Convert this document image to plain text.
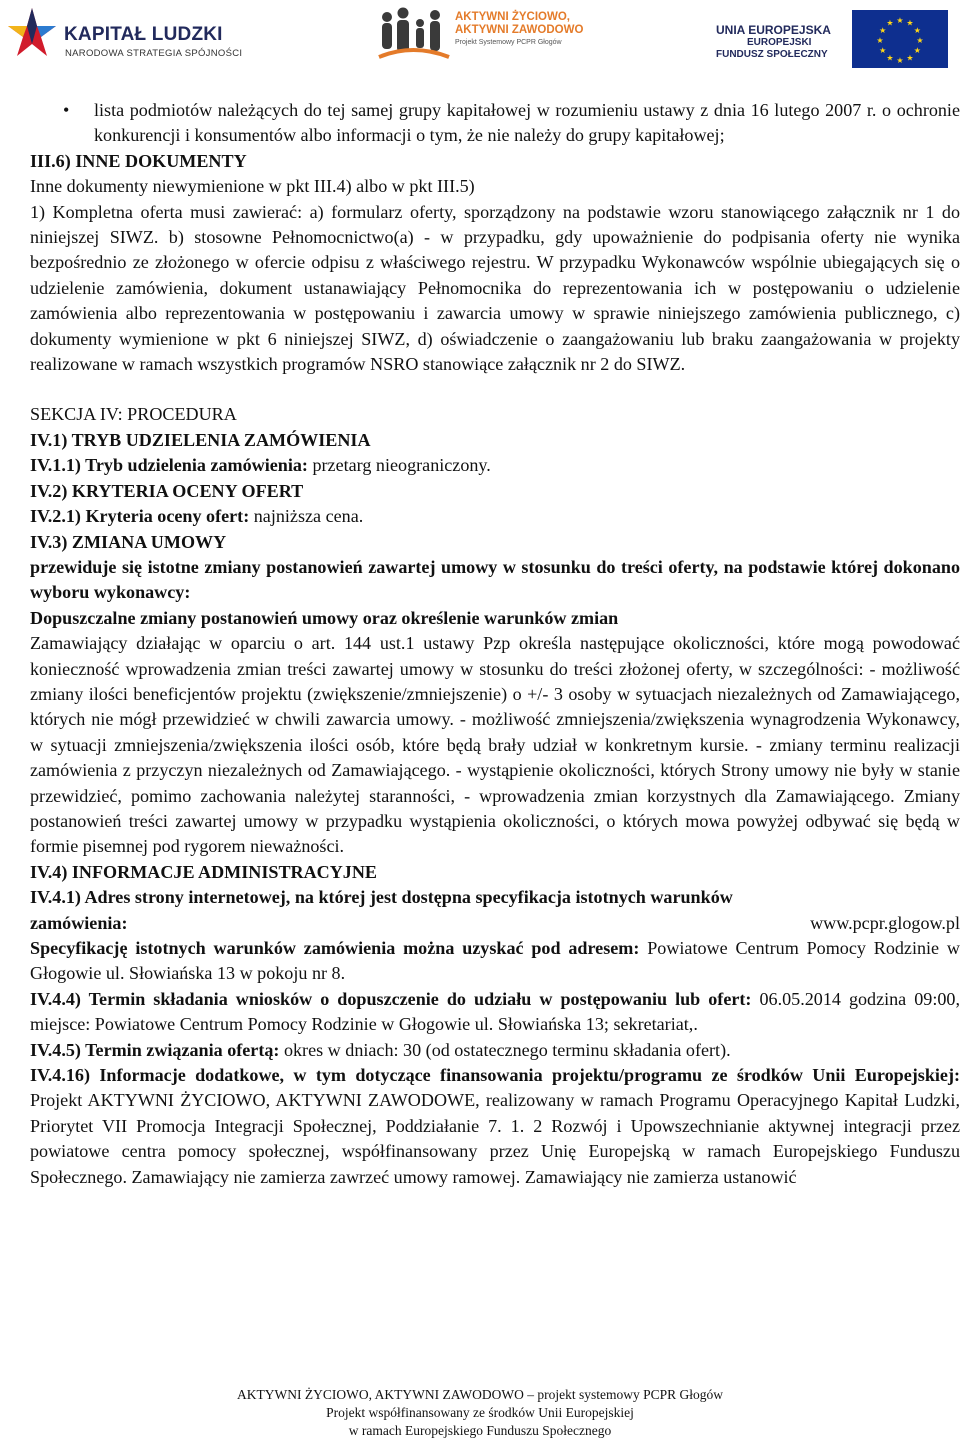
KAPITAŁ LUDZKI
NARODOWA STRATEGIA SPÓJNOŚCI
AKTYWNI ŻYCIOWO,
AKTYWNI ZAWODOWO
Projekt Systemowy PCPR Głogów
UNIA EUROPEJSKA
EUROPEJSKI
FUNDUSZ SPOŁECZNY
★ ★
★
★
★
★
★
★
★
★
★
★

• lista podmiotów należących do tej samej grupy kapitałowej w rozumieniu ustawy z dnia 16 lutego 2007 r. o ochronie konkurencji i konsumentów albo informacji o tym, że nie należy do grupy kapitałowej;

III.6) INNE DOKUMENTY

Inne dokumenty niewymienione w pkt III.4) albo w pkt III.5)

1) Kompletna oferta musi zawierać: a) formularz oferty, sporządzony na podstawie wzoru stanowiącego załącznik nr 1 do niniejszej SIWZ. b) stosowne Pełnomocnictwo(a) - w przypadku, gdy upoważnienie do podpisania oferty nie wynika bezpośrednio ze złożonego w ofercie odpisu z właściwego rejestru. W przypadku Wykonawców wspólnie ubiegających się o udzielenie zamówienia, dokument ustanawiający Pełnomocnika do reprezentowania ich w postępowaniu o udzielenie zamówienia albo reprezentowania w postępowaniu i zawarcia umowy w sprawie niniejszego zamówienia publicznego, c) dokumenty wymienione w pkt 6 niniejszej SIWZ, d) oświadczenie o zaangażowaniu lub braku zaangażowania w projekty realizowane w ramach wszystkich programów NSRO stanowiące załącznik nr 2 do SIWZ.

SEKCJA IV: PROCEDURA

IV.1) TRYB UDZIELENIA ZAMÓWIENIA

IV.1.1) Tryb udzielenia zamówienia: przetarg nieograniczony.

IV.2) KRYTERIA OCENY OFERT

IV.2.1) Kryteria oceny ofert: najniższa cena.

IV.3) ZMIANA UMOWY

przewiduje się istotne zmiany postanowień zawartej umowy w stosunku do treści oferty, na podstawie której dokonano wyboru wykonawcy:

Dopuszczalne zmiany postanowień umowy oraz określenie warunków zmian

Zamawiający działając w oparciu o art. 144 ust.1 ustawy Pzp określa następujące okoliczności, które mogą powodować konieczność wprowadzenia zmian treści zawartej umowy w stosunku do treści złożonej oferty, w szczególności: - możliwość zmiany ilości beneficjentów projektu (zwiększenie/zmniejszenie) o +/- 3 osoby w sytuacjach niezależnych od Zamawiającego, których nie mógł przewidzieć w chwili zawarcia umowy. - możliwość zmniejszenia/zwiększenia wynagrodzenia Wykonawcy, w sytuacji zmniejszenia/zwiększenia ilości osób, które będą brały udział w konkretnym kursie. - zmiany terminu realizacji zamówienia z przyczyn niezależnych od Zamawiającego. - wystąpienie okoliczności, których Strony umowy nie były w stanie przewidzieć, pomimo zachowania należytej staranności, - wprowadzenia zmian korzystnych dla Zamawiającego. Zmiany postanowień treści zawartej umowy w przypadku wystąpienia okoliczności, o których mowa powyżej odbywać się będą w formie pisemnej pod rygorem nieważności.

IV.4) INFORMACJE ADMINISTRACYJNE

IV.4.1) Adres strony internetowej, na której jest dostępna specyfikacja istotnych warunków

zamówienia:	www.pcpr.glogow.pl

Specyfikację istotnych warunków zamówienia można uzyskać pod adresem: Powiatowe Centrum Pomocy Rodzinie w Głogowie ul. Słowiańska 13 w pokoju nr 8.

IV.4.4) Termin składania wniosków o dopuszczenie do udziału w postępowaniu lub ofert: 06.05.2014 godzina 09:00, miejsce: Powiatowe Centrum Pomocy Rodzinie w Głogowie ul. Słowiańska 13; sekretariat,.

IV.4.5) Termin związania ofertą: okres w dniach: 30 (od ostatecznego terminu składania ofert).

IV.4.16) Informacje dodatkowe, w tym dotyczące finansowania projektu/programu ze środków Unii Europejskiej: Projekt AKTYWNI ŻYCIOWO, AKTYWNI ZAWODOWE, realizowany w ramach Programu Operacyjnego Kapitał Ludzki, Priorytet VII Promocja Integracji Społecznej, Poddziałanie 7. 1. 2 Rozwój i Upowszechnianie aktywnej integracji przez powiatowe centra pomocy społecznej, współfinansowany przez Unię Europejską w ramach Europejskiego Funduszu Społecznego. Zamawiający nie zamierza zawrzeć umowy ramowej. Zamawiający nie zamierza ustanowić

AKTYWNI ŻYCIOWO, AKTYWNI ZAWODOWO – projekt systemowy PCPR Głogów
Projekt współfinansowany ze środków Unii Europejskiej
w ramach Europejskiego Funduszu Społecznego
